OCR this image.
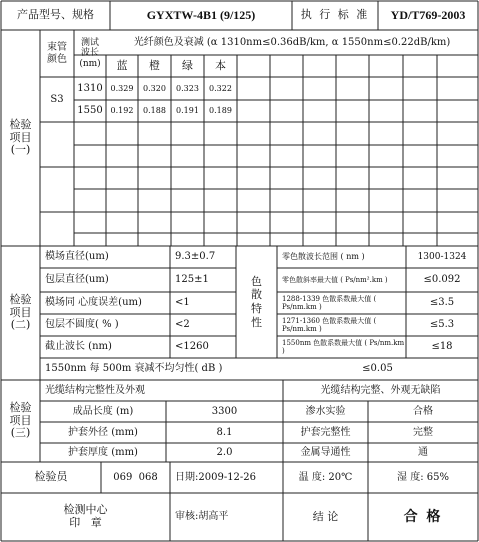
产品型号、规格	GYXTW-4B1 (9/125)	执 行 标 准	YD/T769-2003
检验
项目
(一)
束管颜色
测试波长(nm)
光纤颜色及衰减 (α 1310nm≤0.36dB/km, α 1550nm≤0.22dB/km)
蓝	橙	绿	本
S3
1310 0.329	0.320	0.323	0.322
1550 0.192	0.188	0.191	0.189
检验
项目
(二)
模场直径(um)	9.3±0.7
包层直径(um)	125±1
模场同 心度误差(um)	<1
包层不圆度( % )	<2
截止波长 (nm)	<1260
色散特性
零色散波长范围 ( nm )	1300-1324
零色散斜率最大值 ( Ps/nm².km )	≤0.092
1288-1339 色散系数最大值 ( Ps/nm.km )	≤3.5
1271-1360 色散系数最大值 ( Ps/nm.km )	≤5.3
1550nm 色散系数最大值 ( Ps/nm.km )	≤18
1550nm 每 500m 衰减不均匀性( dB )	≤0.05
检验
项目
(三)
光缆结构完整性及外观	光缆结构完整、外观无缺陷
成品长度 (m)	3300
护套外径 (mm)	8.1
护套厚度 (mm)	2.0
渗水实验	合格
护套完整性	完整
金属导通性	通
检验员	069  068	日期:2009-12-26	温 度: 20℃	湿 度: 65%
检测中心
印   章	审核:胡高平	结 论	合 格
